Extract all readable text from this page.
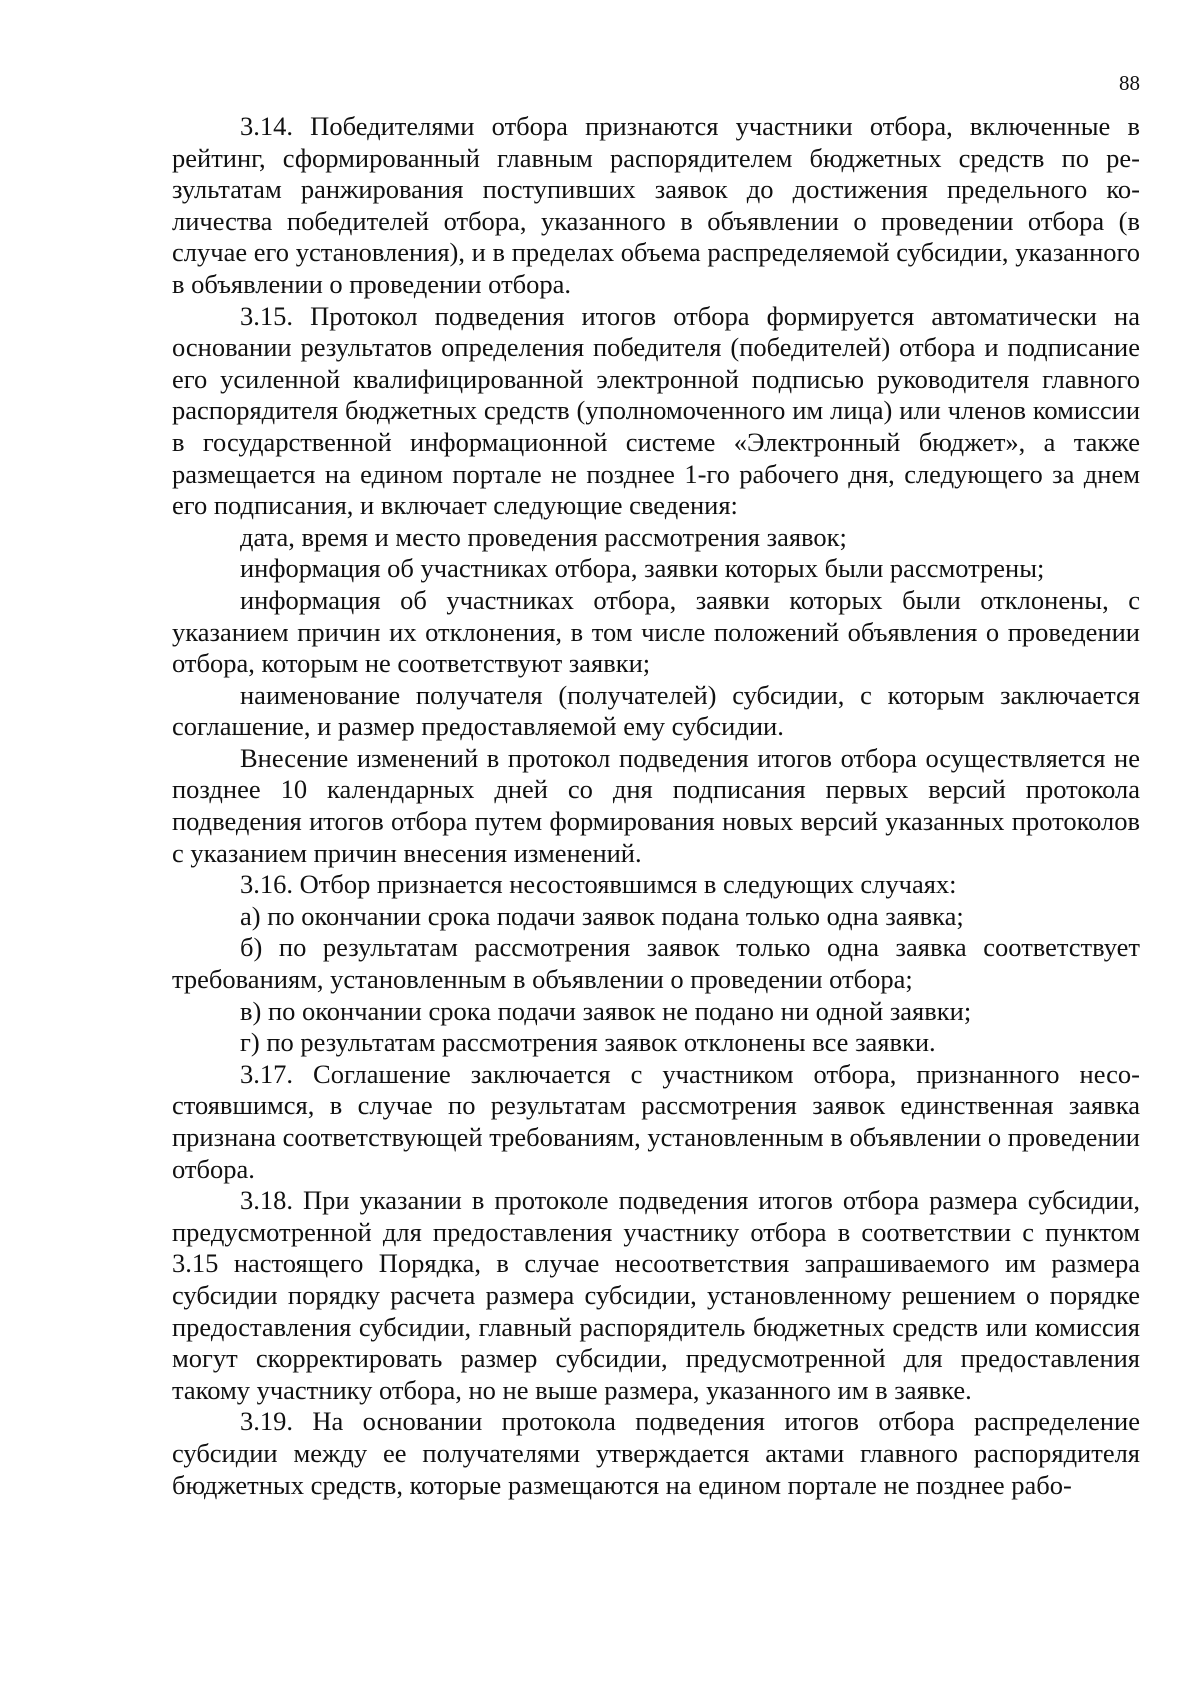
88

3.14. Победителями отбора признаются участники отбора, включенные в рейтинг, сформированный главным распорядителем бюджетных средств по результатам ранжирования поступивших заявок до достижения предельного количества победителей отбора, указанного в объявлении о проведении отбора (в случае его установления), и в пределах объема распределяемой субсидии, указанного в объявлении о проведении отбора.

3.15. Протокол подведения итогов отбора формируется автоматически на основании результатов определения победителя (победителей) отбора и подписание его усиленной квалифицированной электронной подписью руководителя главного распорядителя бюджетных средств (уполномоченного им лица) или членов комиссии в государственной информационной системе «Электронный бюджет», а также размещается на едином портале не позднее 1-го рабочего дня, следующего за днем его подписания, и включает следующие сведения:

дата, время и место проведения рассмотрения заявок;

информация об участниках отбора, заявки которых были рассмотрены;

информация об участниках отбора, заявки которых были отклонены, с указанием причин их отклонения, в том числе положений объявления о проведении отбора, которым не соответствуют заявки;

наименование получателя (получателей) субсидии, с которым заключается соглашение, и размер предоставляемой ему субсидии.

Внесение изменений в протокол подведения итогов отбора осуществляется не позднее 10 календарных дней со дня подписания первых версий протокола подведения итогов отбора путем формирования новых версий указанных протоколов с указанием причин внесения изменений.

3.16. Отбор признается несостоявшимся в следующих случаях:

а) по окончании срока подачи заявок подана только одна заявка;

б) по результатам рассмотрения заявок только одна заявка соответствует требованиям, установленным в объявлении о проведении отбора;

в) по окончании срока подачи заявок не подано ни одной заявки;

г) по результатам рассмотрения заявок отклонены все заявки.

3.17. Соглашение заключается с участником отбора, признанного несостоявшимся, в случае по результатам рассмотрения заявок единственная заявка признана соответствующей требованиям, установленным в объявлении о проведении отбора.

3.18. При указании в протоколе подведения итогов отбора размера субсидии, предусмотренной для предоставления участнику отбора в соответствии с пунктом 3.15 настоящего Порядка, в случае несоответствия запрашиваемого им размера субсидии порядку расчета размера субсидии, установленному решением о порядке предоставления субсидии, главный распорядитель бюджетных средств или комиссия могут скорректировать размер субсидии, предусмотренной для предоставления такому участнику отбора, но не выше размера, указанного им в заявке.

3.19. На основании протокола подведения итогов отбора распределение субсидии между ее получателями утверждается актами главного распорядителя бюджетных средств, которые размещаются на едином портале не позднее рабо-
